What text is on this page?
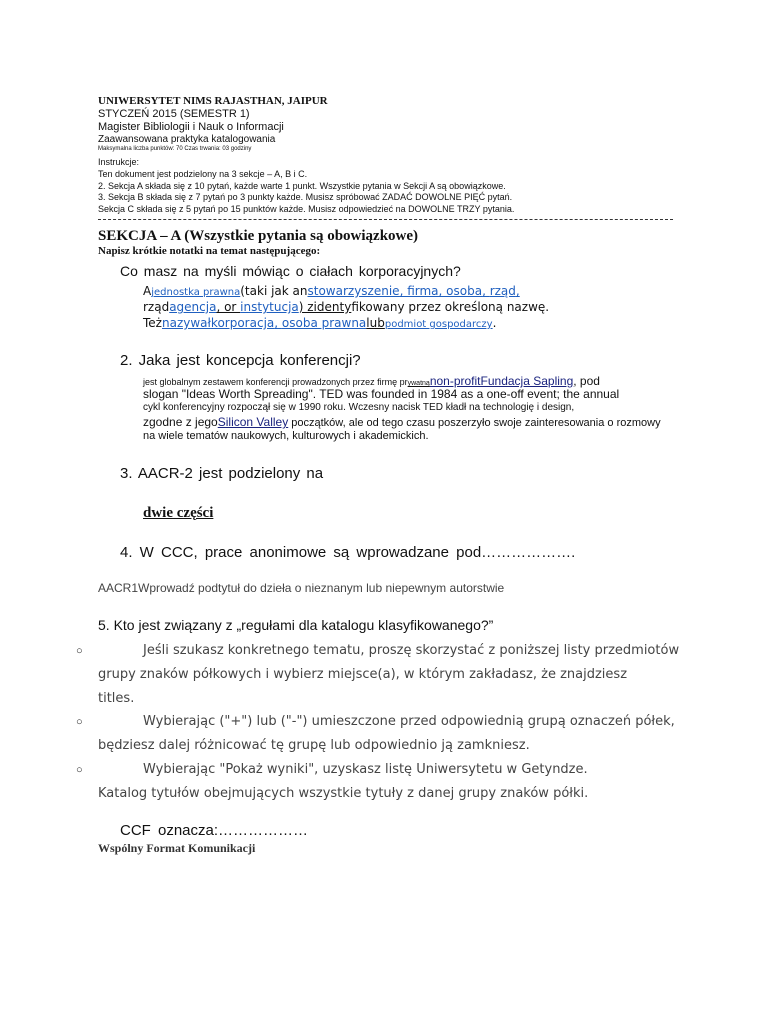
UNIWERSYTET NIMS RAJASTHAN, JAIPUR
STYCZEŃ 2015 (SEMESTR 1)
Magister Bibliologii i Nauk o Informacji
Zaawansowana praktyka katalogowania
Maksymalna liczba punktów: 70 Czas trwania: 03 godziny
Instrukcje:
Ten dokument jest podzielony na 3 sekcje – A, B i C.
2. Sekcja A składa się z 10 pytań, każde warte 1 punkt. Wszystkie pytania w Sekcji A są obowiązkowe.
3. Sekcja B składa się z 7 pytań po 3 punkty każde. Musisz spróbować ZADAĆ DOWOLNE PIĘĆ pytań.
Sekcja C składa się z 5 pytań po 15 punktów każde. Musisz odpowiedzieć na DOWOLNE TRZY pytania.
SEKCJA – A (Wszystkie pytania są obowiązkowe)
Napisz krótkie notatki na temat następującego:
Co masz na myśli mówiąc o ciałach korporacyjnych?
Ajednostka prawna(taki jak anstowarzyszenie, firma, osoba, rząd,
rządagencja, or instytucja) zidentyfikowany przez określoną nazwę.
Teżnazywałkorporacja, osoba prawnalubpodmiot gospodarczy.
2. Jaka jest koncepcja konferencji?
jest globalnym zestawem konferencji prowadzonych przez firmę prywatnąnon-profitFundacja Sapling, pod
slogan "Ideas Worth Spreading". TED was founded in 1984 as a one-off event; the annual
cykl konferencyjny rozpoczął się w 1990 roku. Wczesny nacisk TED kładł na technologię i design,
zgodne z jegoSilicon Valley początków, ale od tego czasu poszerzyło swoje zainteresowania o rozmowy
na wiele tematów naukowych, kulturowych i akademickich.
3. AACR-2 jest podzielony na
dwie części
4. W CCC, prace anonimowe są wprowadzane pod……………….
AACR1Wprowadź podtytuł do dzieła o nieznanym lub niepewnym autorstwie
5. Kto jest związany z „regułami dla katalogu klasyfikowanego?”
○	Jeśli szukasz konkretnego tematu, proszę skorzystać z poniższej listy przedmiotów
grupy znaków półkowych i wybierz miejsce(a), w którym zakładasz, że znajdziesz
titles.
○	Wybierając ("+") lub ("-") umieszczone przed odpowiednią grupą oznaczeń półek,
będziesz dalej różnicować tę grupę lub odpowiednio ją zamkniesz.
○	Wybierając "Pokaż wyniki", uzyskasz listę Uniwersytetu w Getyndze.
Katalog tytułów obejmujących wszystkie tytuły z danej grupy znaków półki.
CCF oznacza:………………
Wspólny Format Komunikacji
